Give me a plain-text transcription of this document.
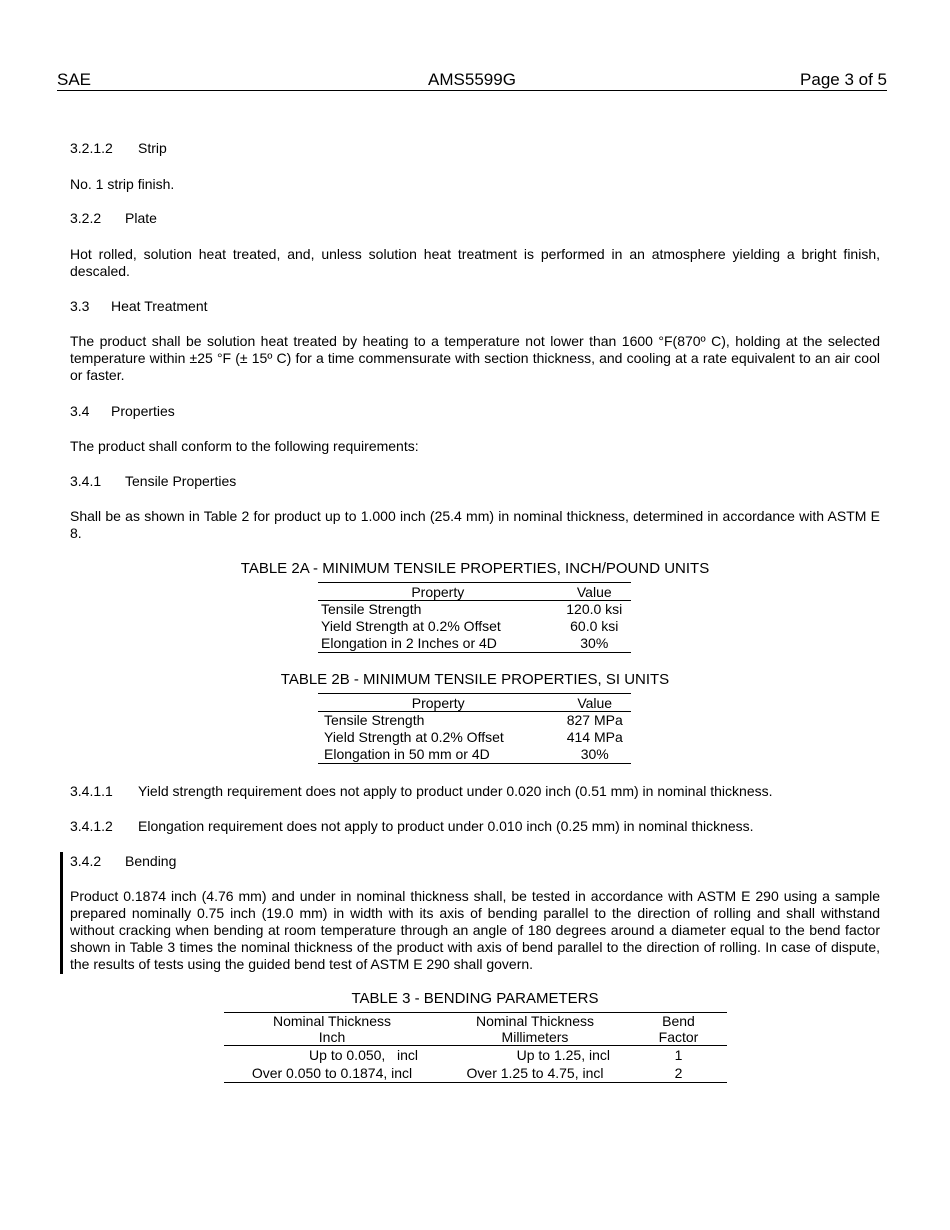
SAE	AMS5599G	Page 3 of 5
3.2.1.2 Strip
No. 1 strip finish.
3.2.2 Plate
Hot rolled, solution heat treated, and, unless solution heat treatment is performed in an atmosphere yielding a bright finish, descaled.
3.3 Heat Treatment
The product shall be solution heat treated by heating to a temperature not lower than 1600 °F(870º C), holding at the selected temperature within ±25 °F (± 15º C) for a time commensurate with section thickness, and cooling at a rate equivalent to an air cool or faster.
3.4 Properties
The product shall conform to the following requirements:
3.4.1 Tensile Properties
Shall be as shown in Table 2 for product up to 1.000 inch (25.4 mm) in nominal thickness, determined in accordance with ASTM E 8.
TABLE 2A - MINIMUM TENSILE PROPERTIES, INCH/POUND UNITS
Property	Value
Tensile Strength	120.0 ksi
Yield Strength at 0.2% Offset	60.0 ksi
Elongation in 2 Inches or 4D	30%
TABLE 2B - MINIMUM TENSILE PROPERTIES, SI UNITS
Property	Value
Tensile Strength	827 MPa
Yield Strength at 0.2% Offset	414 MPa
Elongation in 50 mm or 4D	30%
3.4.1.1 Yield strength requirement does not apply to product under 0.020 inch (0.51 mm) in nominal thickness.
3.4.1.2 Elongation requirement does not apply to product under 0.010 inch (0.25 mm) in nominal thickness.
3.4.2 Bending
Product 0.1874 inch (4.76 mm) and under in nominal thickness shall, be tested in accordance with ASTM E 290 using a sample prepared nominally 0.75 inch (19.0 mm) in width with its axis of bending parallel to the direction of rolling and shall withstand without cracking when bending at room temperature through an angle of 180 degrees around a diameter equal to the bend factor shown in Table 3 times the nominal thickness of the product with axis of bend parallel to the direction of rolling. In case of dispute, the results of tests using the guided bend test of ASTM E 290 shall govern.
TABLE 3 - BENDING PARAMETERS
Nominal Thickness	Nominal Thickness	Bend
Inch	Millimeters	Factor
Up to 0.050,   incl	Up to 1.25, incl	1
Over 0.050 to 0.1874, incl	Over 1.25 to 4.75, incl	2
